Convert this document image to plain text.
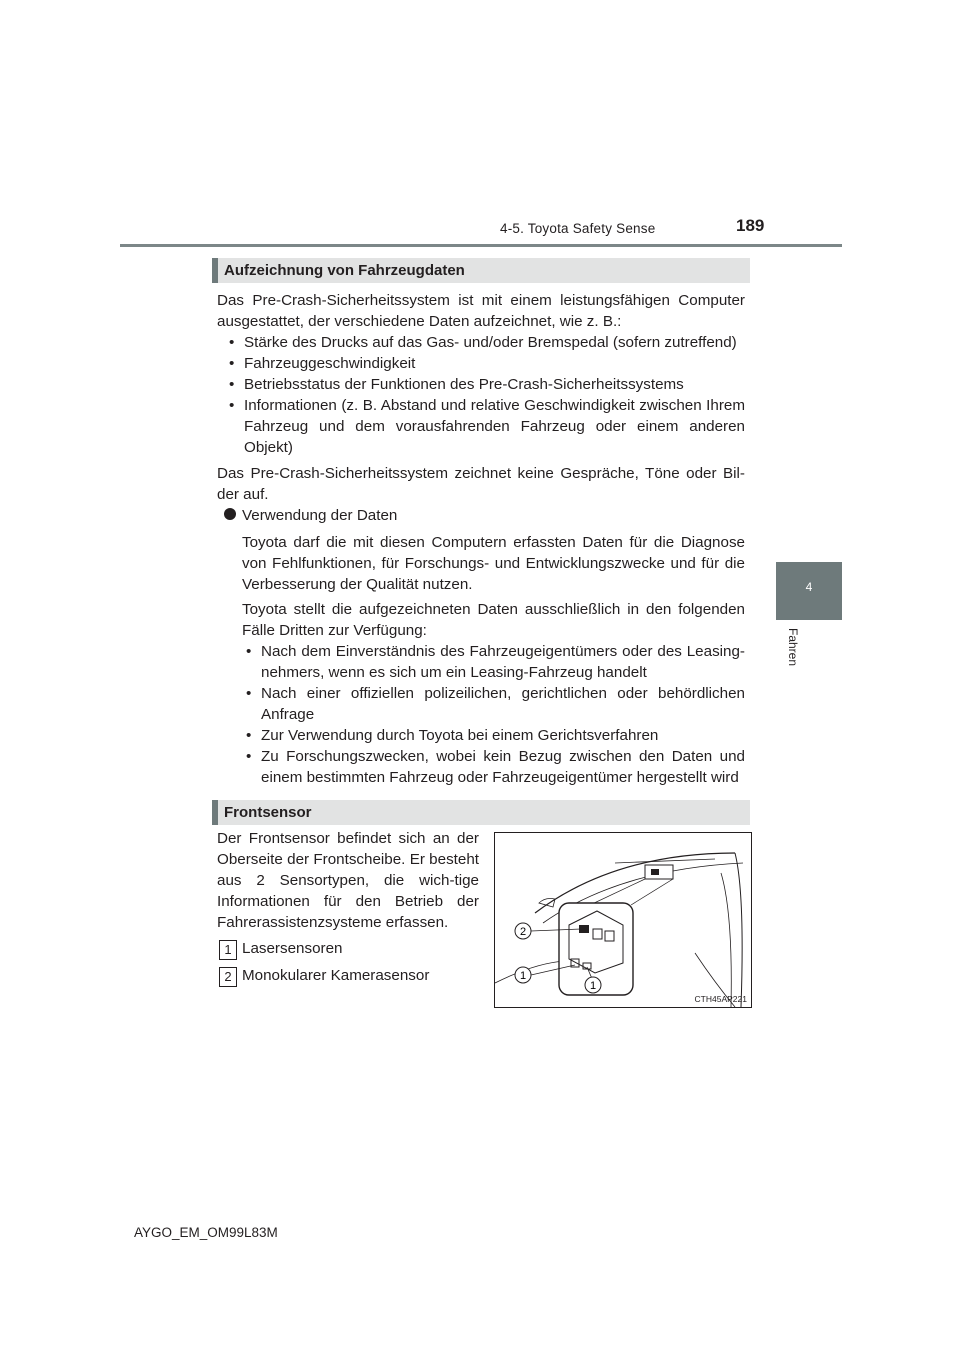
4-5. Toyota Safety Sense	189
4
Fahren
Aufzeichnung von Fahrzeugdaten
Das Pre-Crash-Sicherheitssystem ist mit einem leistungsfähigen Computer ausgestattet, der verschiedene Daten aufzeichnet, wie z. B.:
• Stärke des Drucks auf das Gas- und/oder Bremspedal (sofern zutreffend)
• Fahrzeuggeschwindigkeit
• Betriebsstatus der Funktionen des Pre-Crash-Sicherheitssystems
• Informationen (z. B. Abstand und relative Geschwindigkeit zwischen Ihrem Fahrzeug und dem vorausfahrenden Fahrzeug oder einem anderen Objekt)
Das Pre-Crash-Sicherheitssystem zeichnet keine Gespräche, Töne oder Bil-der auf.
Verwendung der Daten
Toyota darf die mit diesen Computern erfassten Daten für die Diagnose von Fehlfunktionen, für Forschungs- und Entwicklungszwecke und für die Verbesserung der Qualität nutzen.
Toyota stellt die aufgezeichneten Daten ausschließlich in den folgenden Fälle Dritten zur Verfügung:
• Nach dem Einverständnis des Fahrzeugeigentümers oder des Leasing-nehmers, wenn es sich um ein Leasing-Fahrzeug handelt
• Nach einer offiziellen polizeilichen, gerichtlichen oder behördlichen Anfrage
• Zur Verwendung durch Toyota bei einem Gerichtsverfahren
• Zu Forschungszwecken, wobei kein Bezug zwischen den Daten und einem bestimmten Fahrzeug oder Fahrzeugeigentümer hergestellt wird
Frontsensor
Der Frontsensor befindet sich an der Oberseite der Frontscheibe. Er besteht aus 2 Sensortypen, die wich-tige Informationen für den Betrieb der Fahrerassistenzsysteme erfassen.
1 Lasersensoren
2 Monokularer Kamerasensor
2
1
1
CTH45AP221
AYGO_EM_OM99L83M
